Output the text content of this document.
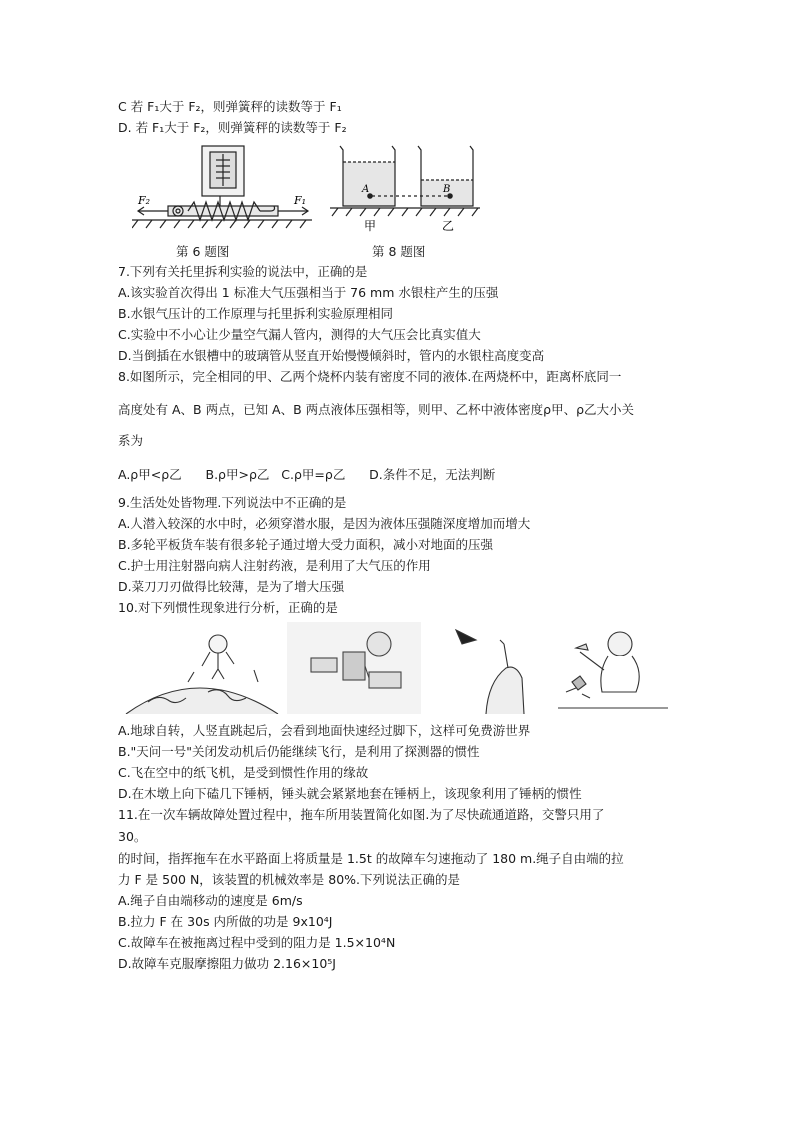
C 若 F₁大于 F₂，则弹簧秤的读数等于 F₁
D. 若 F₁大于 F₂，则弹簧秤的读数等于 F₂
F₂	F₁
A	B
甲	乙
第 6 题图	第 8 题图
7.下列有关托里拆利实验的说法中，正确的是
A.该实验首次得出 1 标准大气压强相当于 76 mm 水银柱产生的压强
B.水银气压计的工作原理与托里拆利实验原理相同
C.实验中不小心让少量空气漏人管内，测得的大气压会比真实值大
D.当倒插在水银槽中的玻璃管从竖直开始慢慢倾斜时，管内的水银柱高度变高
8.如图所示，完全相同的甲、乙两个烧杯内装有密度不同的液体.在两烧杯中，距离杯底同一
高度处有 A、B 两点，已知 A、B 两点液体压强相等，则甲、乙杯中液体密度ρ甲、ρ乙大小关
系为
A.ρ甲<ρ乙      B.ρ甲>ρ乙   C.ρ甲=ρ乙      D.条件不足，无法判断
9.生活处处皆物理.下列说法中不正确的是
A.人潜入较深的水中时，必须穿潜水服，是因为液体压强随深度增加而增大
B.多轮平板货车装有很多轮子通过增大受力面积，减小对地面的压强
C.护士用注射器向病人注射药液，是利用了大气压的作用
D.菜刀刀刃做得比较薄，是为了增大压强
10.对下列惯性现象进行分析，正确的是
A.地球自转，人竖直跳起后，会看到地面快速经过脚下，这样可免费游世界
B."天问一号"关闭发动机后仍能继续飞行，是利用了探测器的惯性
C.飞在空中的纸飞机，是受到惯性作用的缘故
D.在木墩上向下磕几下锤柄，锤头就会紧紧地套在锤柄上，该现象利用了锤柄的惯性
11.在一次车辆故障处置过程中，拖车所用装置简化如图.为了尽快疏通道路，交警只用了
30。
的时间，指挥拖车在水平路面上将质量是 1.5t 的故障车匀速拖动了 180 m.绳子自由端的拉
力 F 是 500 N，该装置的机械效率是 80%.下列说法正确的是
A.绳子自由端移动的速度是 6m/s
B.拉力 F 在 30s 内所做的功是 9x10⁴J
C.故障车在被拖离过程中受到的阻力是 1.5×10⁴N
D.故障车克服摩擦阻力做功 2.16×10⁵J
